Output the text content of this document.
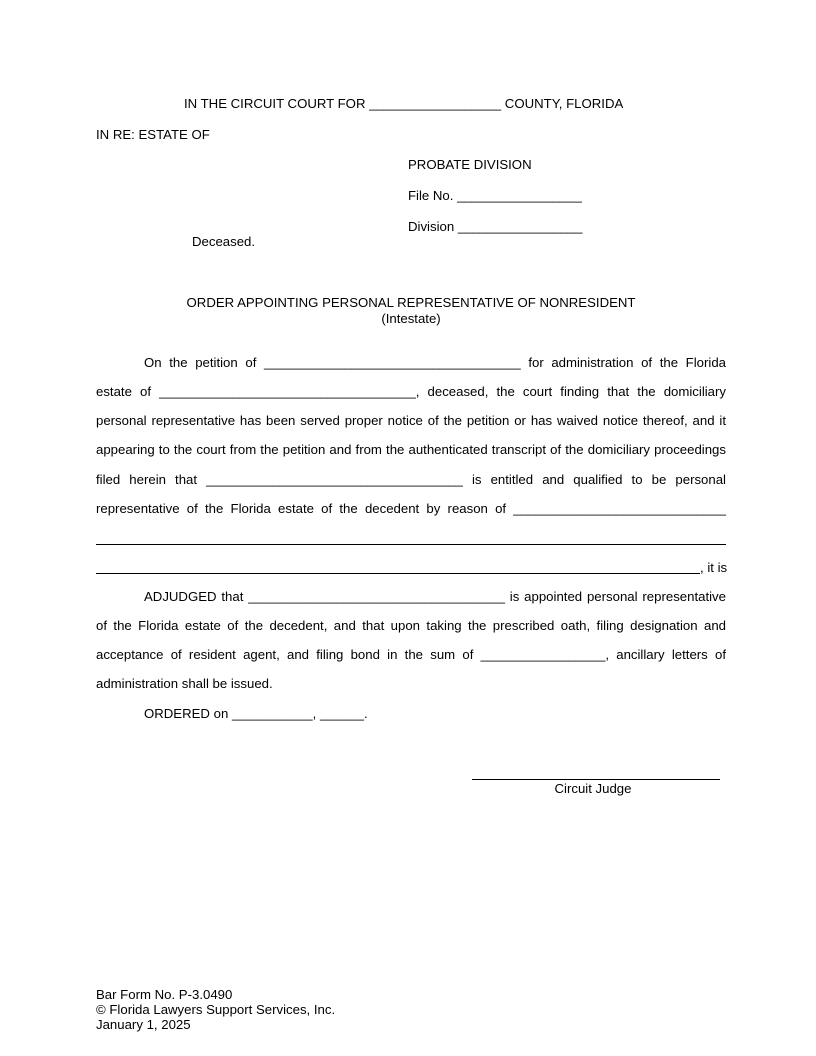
IN THE CIRCUIT COURT FOR __________________ COUNTY, FLORIDA
IN RE: ESTATE OF
PROBATE DIVISION
File No. _________________
Division _________________
Deceased.
ORDER APPOINTING PERSONAL REPRESENTATIVE OF NONRESIDENT
(Intestate)
On the petition of ___________________________________ for administration of the Florida
estate of ___________________________________, deceased, the court finding that the domiciliary
personal representative has been served proper notice of the petition or has waived notice thereof, and it
appearing to the court from the petition and from the authenticated transcript of the domiciliary proceedings
filed herein that ___________________________________ is entitled and qualified to be personal
representative of the Florida estate of the decedent by reason of _____________________________
, it is
ADJUDGED that ___________________________________ is appointed personal representative
of the Florida estate of the decedent, and that upon taking the prescribed oath, filing designation and
acceptance of resident agent, and filing bond in the sum of _________________, ancillary letters of
administration shall be issued.
ORDERED on ___________, ______.
Circuit Judge
Bar Form No. P-3.0490
© Florida Lawyers Support Services, Inc.
January 1, 2025
